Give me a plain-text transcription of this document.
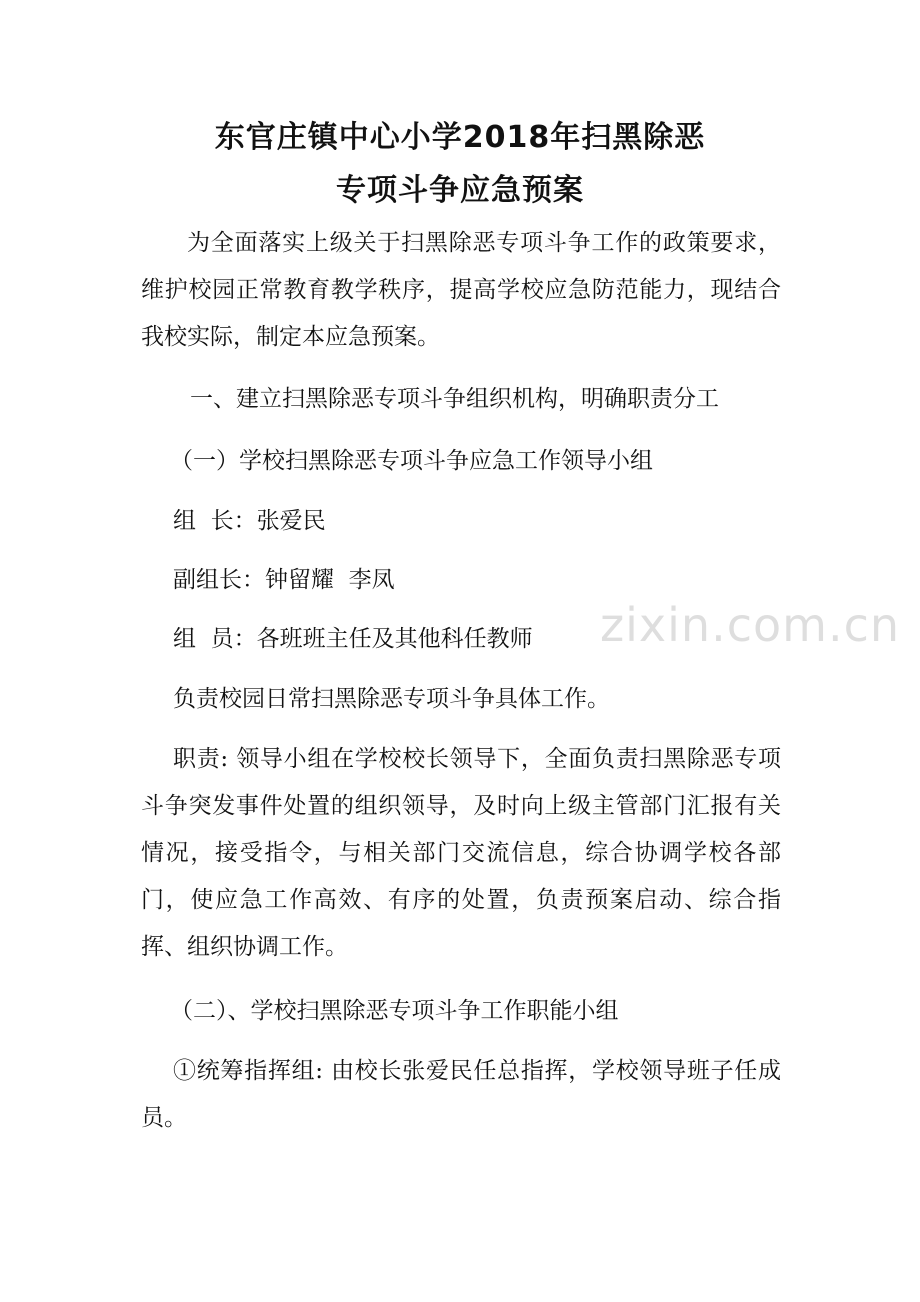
zixin.com.cn
东官庄镇中心小学2018年扫黑除恶
专项斗争应急预案

为全面落实上级关于扫黑除恶专项斗争工作的政策要求，维护校园正常教育教学秩序，提高学校应急防范能力，现结合我校实际，制定本应急预案。

一、建立扫黑除恶专项斗争组织机构，明确职责分工

（一）学校扫黑除恶专项斗争应急工作领导小组

组  长：张爱民

副组长：钟留耀  李凤

组  员：各班班主任及其他科任教师

负责校园日常扫黑除恶专项斗争具体工作。

职责: 领导小组在学校校长领导下，全面负责扫黑除恶专项斗争突发事件处置的组织领导，及时向上级主管部门汇报有关情况，接受指令，与相关部门交流信息，综合协调学校各部门，使应急工作高效、有序的处置，负责预案启动、综合指挥、组织协调工作。

（二）、学校扫黑除恶专项斗争工作职能小组

①统筹指挥组: 由校长张爱民任总指挥，学校领导班子任成员。
